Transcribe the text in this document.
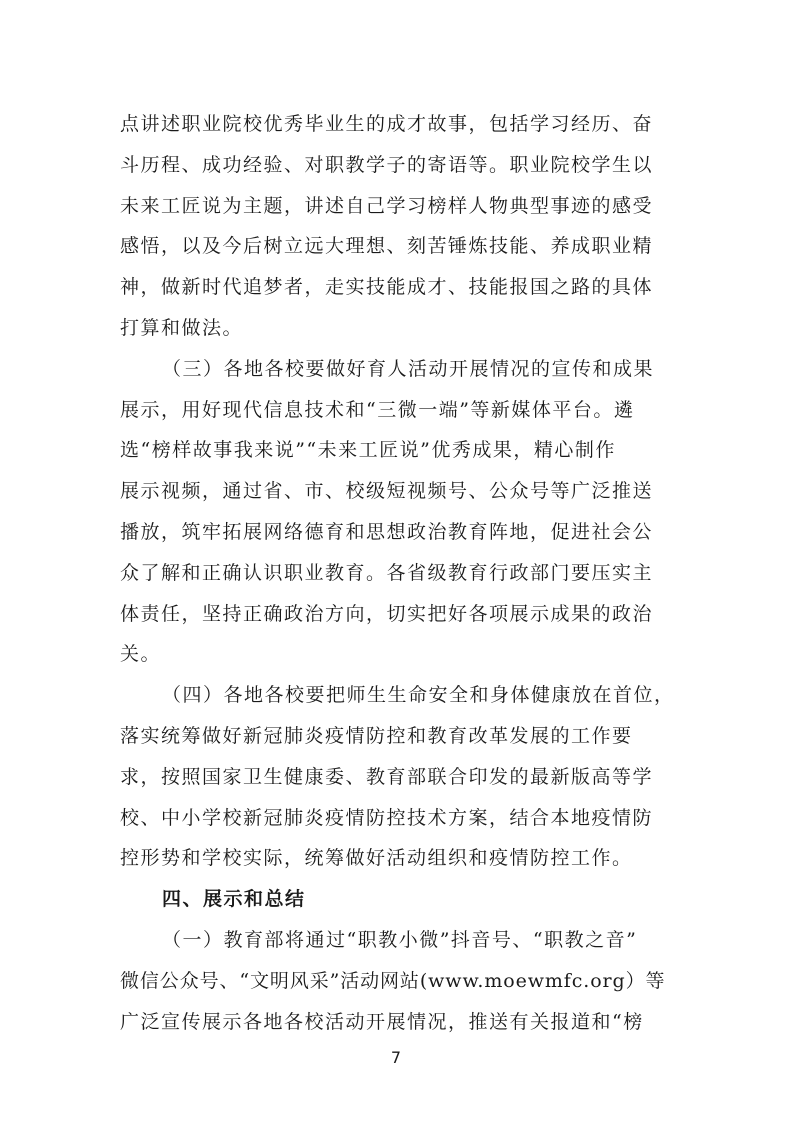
点讲述职业院校优秀毕业生的成才故事，包括学习经历、奋
斗历程、成功经验、对职教学子的寄语等。职业院校学生以
未来工匠说为主题，讲述自己学习榜样人物典型事迹的感受
感悟，以及今后树立远大理想、刻苦锤炼技能、养成职业精
神，做新时代追梦者，走实技能成才、技能报国之路的具体
打算和做法。
（三）各地各校要做好育人活动开展情况的宣传和成果
展示，用好现代信息技术和“三微一端”等新媒体平台。遴
选“榜样故事我来说”“未来工匠说”优秀成果，精心制作
展示视频，通过省、市、校级短视频号、公众号等广泛推送
播放，筑牢拓展网络德育和思想政治教育阵地，促进社会公
众了解和正确认识职业教育。各省级教育行政部门要压实主
体责任，坚持正确政治方向，切实把好各项展示成果的政治
关。
（四）各地各校要把师生生命安全和身体健康放在首位，
落实统筹做好新冠肺炎疫情防控和教育改革发展的工作要
求，按照国家卫生健康委、教育部联合印发的最新版高等学
校、中小学校新冠肺炎疫情防控技术方案，结合本地疫情防
控形势和学校实际，统筹做好活动组织和疫情防控工作。
四、展示和总结
（一）教育部将通过“职教小微”抖音号、“职教之音”
微信公众号、“文明风采”活动网站(www.moewmfc.org）等
广泛宣传展示各地各校活动开展情况，推送有关报道和“榜
7
